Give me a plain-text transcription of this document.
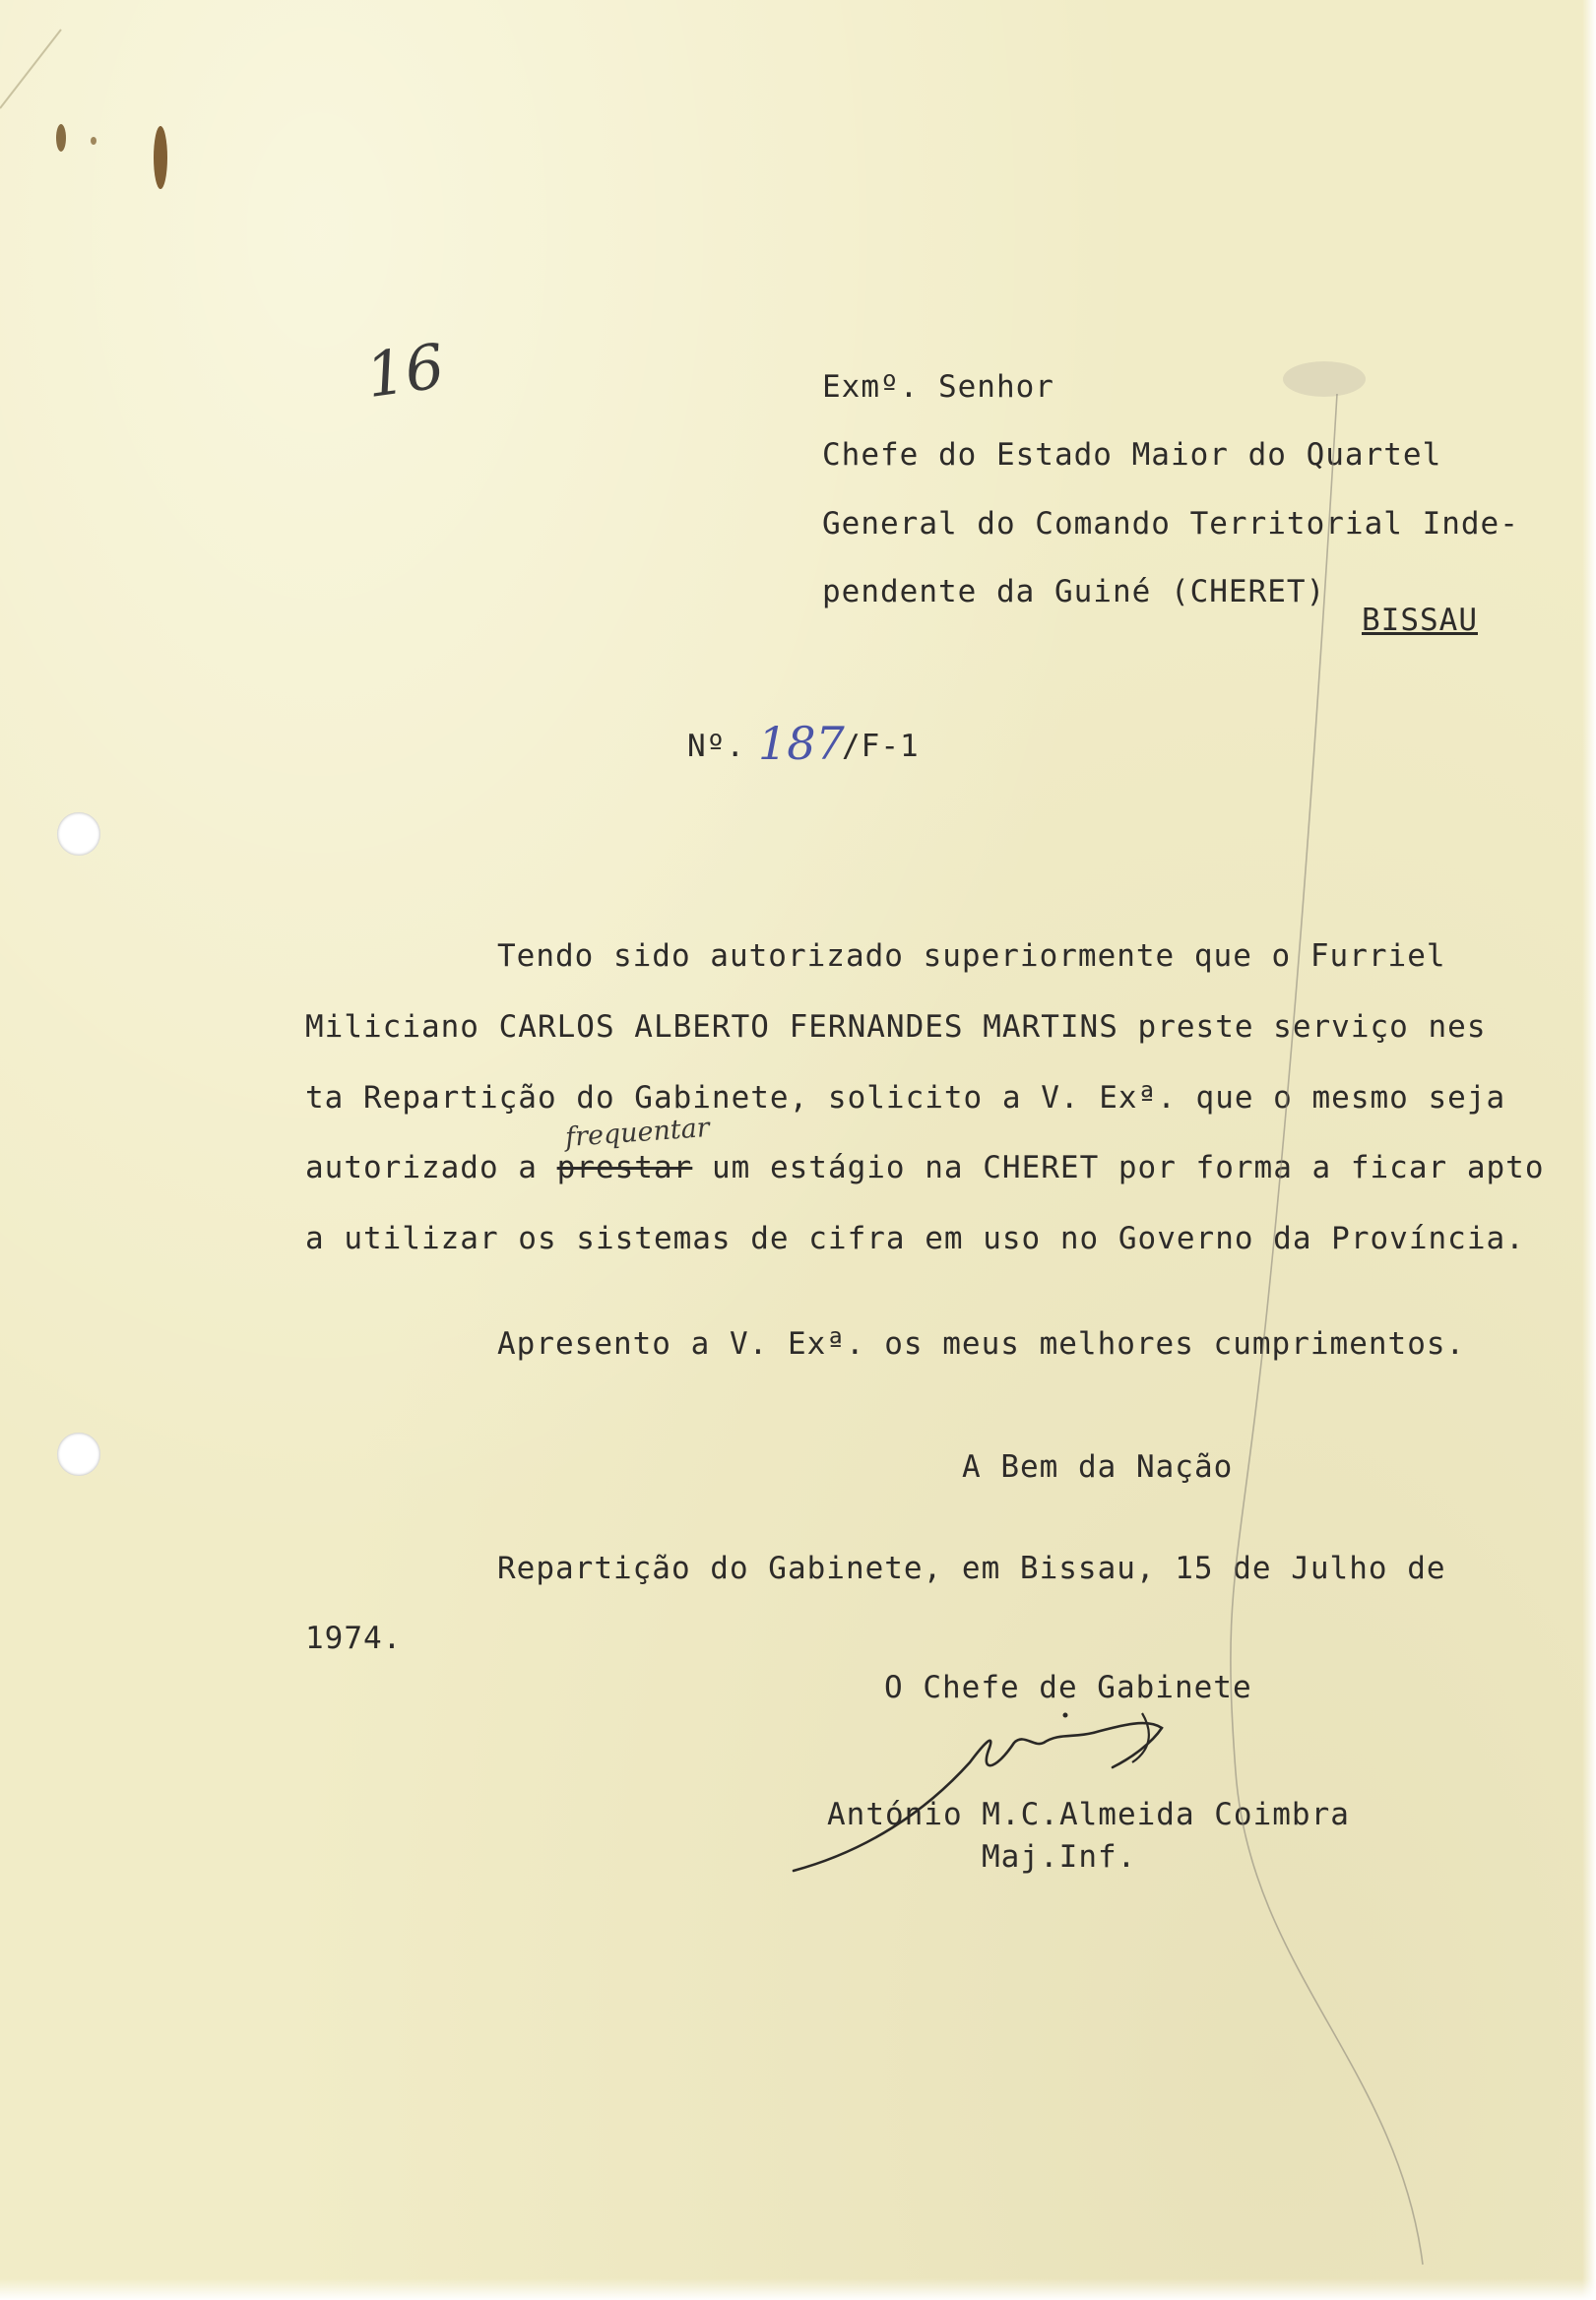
16	Exmº. Senhor
Chefe do Estado Maior do Quartel
General do Comando Territorial Inde-
pendente da Guiné (CHERET)
BISSAU
Nº. 187
/F-1
Tendo sido autorizado superiormente que o Furriel
Miliciano CARLOS ALBERTO FERNANDES MARTINS preste serviço nes
ta Repartição do Gabinete, solicito a V. Exª. que o mesmo seja
autorizado a prestar um estágio na CHERET por forma a ficar apto
frequentar
a utilizar os sistemas de cifra em uso no Governo da Província.
Apresento a V. Exª. os meus melhores cumprimentos.
A Bem da Nação
Repartição do Gabinete, em Bissau, 15 de Julho de
1974.
O Chefe de Gabinete
António M.C.Almeida Coimbra
Maj.Inf.
